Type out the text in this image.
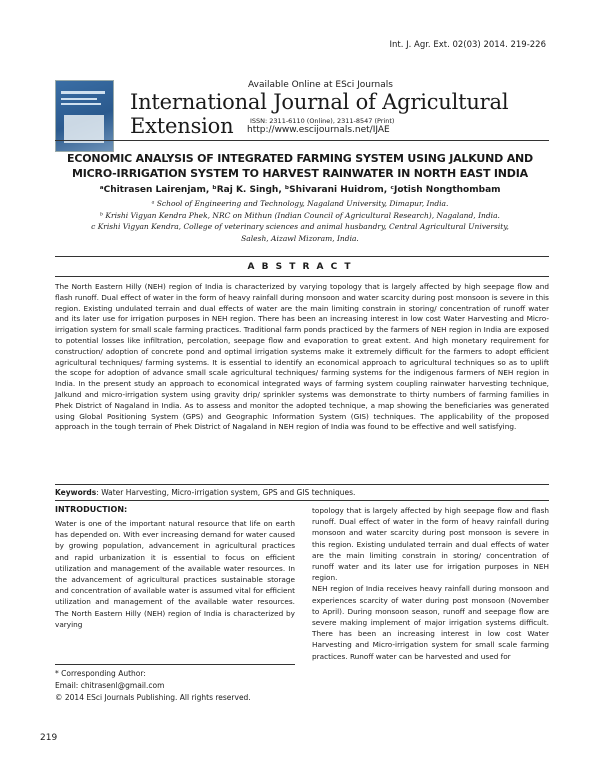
Int. J. Agr. Ext. 02(03) 2014. 219-226
Available Online at ESci Journals
International Journal of Agricultural Extension	ISSN: 2311-6110 (Online), 2311-8547 (Print)
http://www.escijournals.net/IJAE
ECONOMIC ANALYSIS OF INTEGRATED FARMING SYSTEM USING JALKUND AND
MICRO-IRRIGATION SYSTEM TO HARVEST RAINWATER IN NORTH EAST INDIA
ᵃChitrasen Lairenjam, ᵇRaj K. Singh, ᵇShivarani Huidrom, ᶜJotish Nongthombam
ᵃ School of Engineering and Technology, Nagaland University, Dimapur, India.
ᵇ Krishi Vigyan Kendra Phek, NRC on Mithun (Indian Council of Agricultural Research), Nagaland, India.
c Krishi Vigyan Kendra, College of veterinary sciences and animal husbandry, Central Agricultural University,
Salesh, Aizawl Mizoram, India.
A B S T R A C T
The North Eastern Hilly (NEH) region of India is characterized by varying topology that is largely affected by high seepage flow and flash runoff. Dual effect of water in the form of heavy rainfall during monsoon and water scarcity during post monsoon is severe in this region. Existing undulated terrain and dual effects of water are the main limiting constrain in storing/ concentration of runoff water and its later use for irrigation purposes in NEH region. There has been an increasing interest in low cost Water Harvesting and Micro-irrigation system for small scale farming practices. Traditional farm ponds practiced by the farmers of NEH region in India are exposed to potential losses like infiltration, percolation, seepage flow and evaporation to great extent. And high monetary requirement for construction/ adoption of concrete pond and optimal irrigation systems make it extremely difficult for the farmers to adopt efficient agricultural techniques/ farming systems. It is essential to identify an economical approach to agricultural techniques so as to uplift the scope for adoption of advance small scale agricultural techniques/ farming systems for the indigenous farmers of NEH region in India. In the present study an approach to economical integrated ways of farming system coupling rainwater harvesting technique, Jalkund and micro-irrigation system using gravity drip/ sprinkler systems was demonstrate to thirty numbers of farming families in Phek District of Nagaland in India. As to assess and monitor the adopted technique, a map showing the beneficiaries was generated using Global Positioning System (GPS) and Geographic Information System (GIS) techniques. The applicability of the proposed approach in the tough terrain of Phek District of Nagaland in NEH region of India was found to be effective and well satisfying.
Keywords: Water Harvesting, Micro-irrigation system, GPS and GIS techniques.
INTRODUCTION:
Water is one of the important natural resource that life on earth has depended on. With ever increasing demand for water caused by growing population, advancement in agricultural practices and rapid urbanization it is essential to focus on efficient utilization and management of the available water resources. In the advancement of agricultural practices sustainable storage and concentration of available water is assumed vital for efficient utilization and management of the available water resources. The North Eastern Hilly (NEH) region of India is characterized by varying

topology that is largely affected by high seepage flow and flash runoff. Dual effect of water in the form of heavy rainfall during monsoon and water scarcity during post monsoon is severe in this region. Existing undulated terrain and dual effects of water are the main limiting constrain in storing/ concentration of runoff water and its later use for irrigation purposes in NEH region.

NEH region of India receives heavy rainfall during monsoon and experiences scarcity of water during post monsoon (November to April). During monsoon season, runoff and seepage flow are severe making implement of major irrigation systems difficult. There has been an increasing interest in low cost Water Harvesting and Micro-irrigation system for small scale farming practices. Runoff water can be harvested and used for

* Corresponding Author:
Email: chitrasenl@gmail.com
© 2014 ESci Journals Publishing. All rights reserved.
219
